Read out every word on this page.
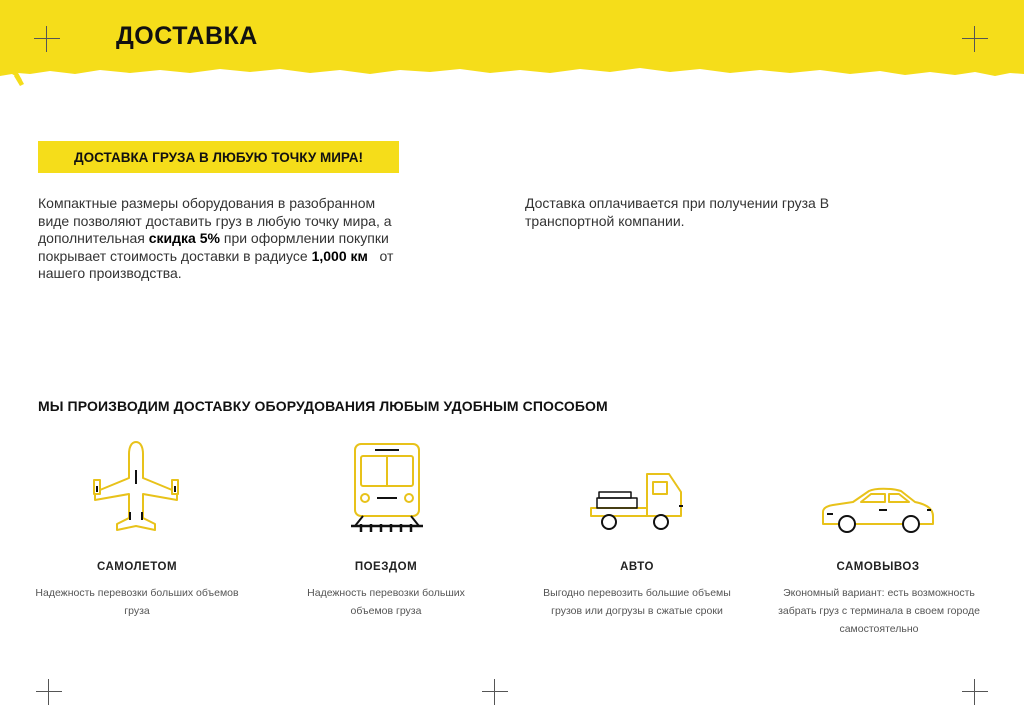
ДОСТАВКА
ДОСТАВКА ГРУЗА В ЛЮБУЮ ТОЧКУ МИРА!

Компактные размеры оборудования в разобранном виде позволяют доставить груз в любую точку мира, а дополнительная скидка 5% при оформлении покупки покрывает стоимость доставки в радиусе 1,000 км   от нашего производства.

Доставка оплачивается при получении груза В транспортной компании.

МЫ ПРОИЗВОДИМ ДОСТАВКУ ОБОРУДОВАНИЯ ЛЮБЫМ УДОБНЫМ СПОСОБОМ
САМОЛЕТОМ	ПОЕЗДОМ	АВТО	САМОВЫВОЗ
Надежность перевозки больших объемов груза
Надежность перевозки больших объемов груза
Выгодно перевозить большие объемы грузов или догрузы в сжатые сроки
Экономный вариант: есть возможность забрать груз с терминала в своем городе самостоятельно
